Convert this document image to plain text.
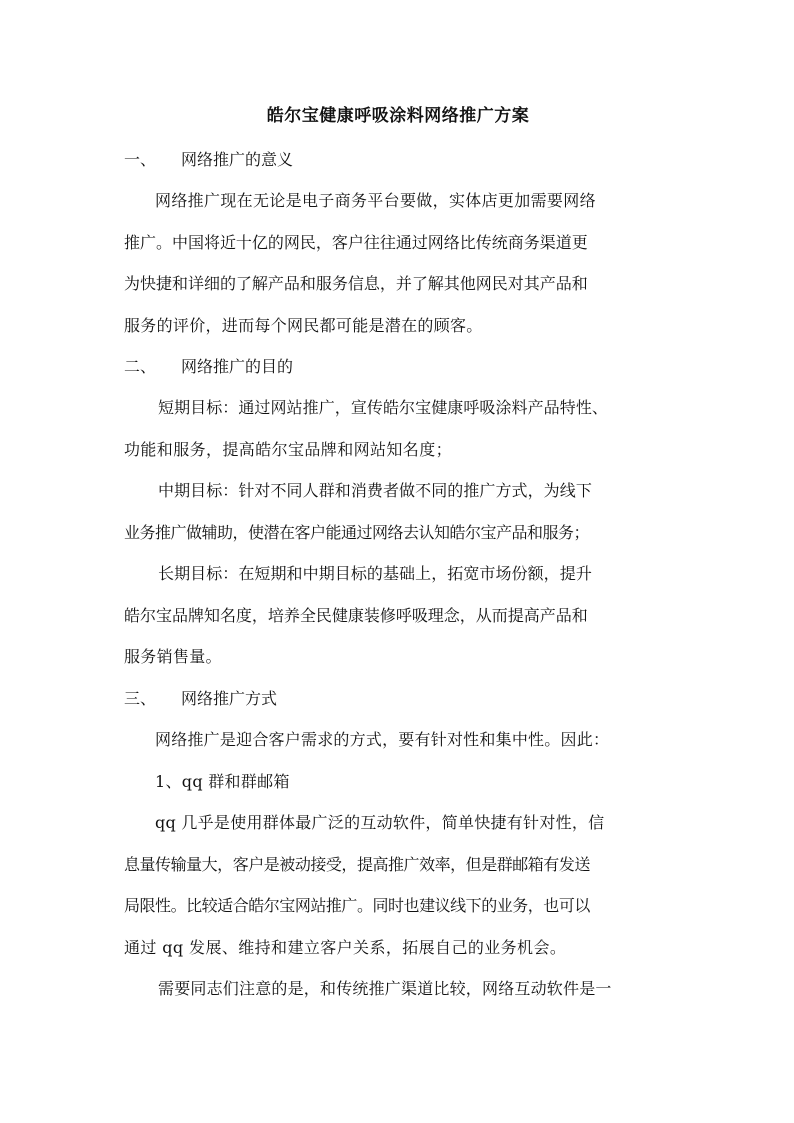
皓尔宝健康呼吸涂料网络推广方案
一、 网络推广的意义
网络推广现在无论是电子商务平台要做，实体店更加需要网络
推广。中国将近十亿的网民，客户往往通过网络比传统商务渠道更
为快捷和详细的了解产品和服务信息，并了解其他网民对其产品和
服务的评价，进而每个网民都可能是潜在的顾客。
二、 网络推广的目的
短期目标：通过网站推广，宣传皓尔宝健康呼吸涂料产品特性、
功能和服务，提高皓尔宝品牌和网站知名度；
中期目标：针对不同人群和消费者做不同的推广方式，为线下
业务推广做辅助，使潜在客户能通过网络去认知皓尔宝产品和服务；
长期目标：在短期和中期目标的基础上，拓宽市场份额，提升
皓尔宝品牌知名度，培养全民健康装修呼吸理念，从而提高产品和
服务销售量。
三、 网络推广方式
网络推广是迎合客户需求的方式，要有针对性和集中性。因此：
1、qq 群和群邮箱
qq 几乎是使用群体最广泛的互动软件，简单快捷有针对性，信
息量传输量大，客户是被动接受，提高推广效率，但是群邮箱有发送
局限性。比较适合皓尔宝网站推广。同时也建议线下的业务，也可以
通过 qq 发展、维持和建立客户关系，拓展自己的业务机会。
需要同志们注意的是，和传统推广渠道比较，网络互动软件是一
